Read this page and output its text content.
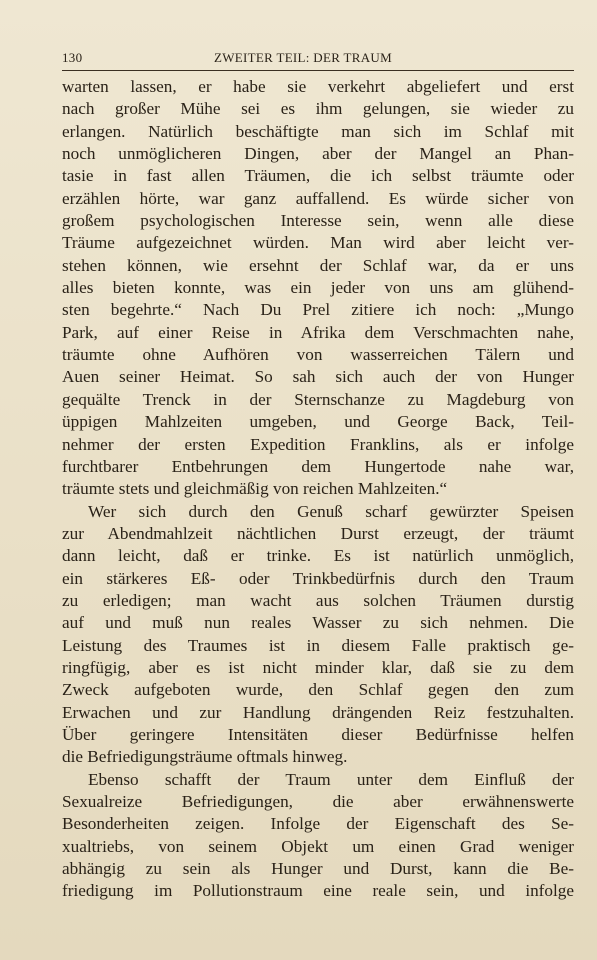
130	ZWEITER TEIL: DER TRAUM
warten lassen, er habe sie verkehrt abgeliefert und erst
nach großer Mühe sei es ihm gelungen, sie wieder zu
erlangen. Natürlich beschäftigte man sich im Schlaf mit
noch unmöglicheren Dingen, aber der Mangel an Phan-
tasie in fast allen Träumen, die ich selbst träumte oder
erzählen hörte, war ganz auffallend. Es würde sicher von
großem psychologischen Interesse sein, wenn alle diese
Träume aufgezeichnet würden. Man wird aber leicht ver-
stehen können, wie ersehnt der Schlaf war, da er uns
alles bieten konnte, was ein jeder von uns am glühend-
sten begehrte.“ Nach Du Prel zitiere ich noch: „Mungo
Park, auf einer Reise in Afrika dem Verschmachten nahe,
träumte ohne Aufhören von wasserreichen Tälern und
Auen seiner Heimat. So sah sich auch der von Hunger
gequälte Trenck in der Sternschanze zu Magdeburg von
üppigen Mahlzeiten umgeben, und George Back, Teil-
nehmer der ersten Expedition Franklins, als er infolge
furchtbarer Entbehrungen dem Hungertode nahe war,
träumte stets und gleichmäßig von reichen Mahlzeiten.“
Wer sich durch den Genuß scharf gewürzter Speisen
zur Abendmahlzeit nächtlichen Durst erzeugt, der träumt
dann leicht, daß er trinke. Es ist natürlich unmöglich,
ein stärkeres Eß- oder Trinkbedürfnis durch den Traum
zu erledigen; man wacht aus solchen Träumen durstig
auf und muß nun reales Wasser zu sich nehmen. Die
Leistung des Traumes ist in diesem Falle praktisch ge-
ringfügig, aber es ist nicht minder klar, daß sie zu dem
Zweck aufgeboten wurde, den Schlaf gegen den zum
Erwachen und zur Handlung drängenden Reiz festzuhalten.
Über geringere Intensitäten dieser Bedürfnisse helfen
die Befriedigungsträume oftmals hinweg.
Ebenso schafft der Traum unter dem Einfluß der
Sexualreize Befriedigungen, die aber erwähnenswerte
Besonderheiten zeigen. Infolge der Eigenschaft des Se-
xualtriebs, von seinem Objekt um einen Grad weniger
abhängig zu sein als Hunger und Durst, kann die Be-
friedigung im Pollutionstraum eine reale sein, und infolge
